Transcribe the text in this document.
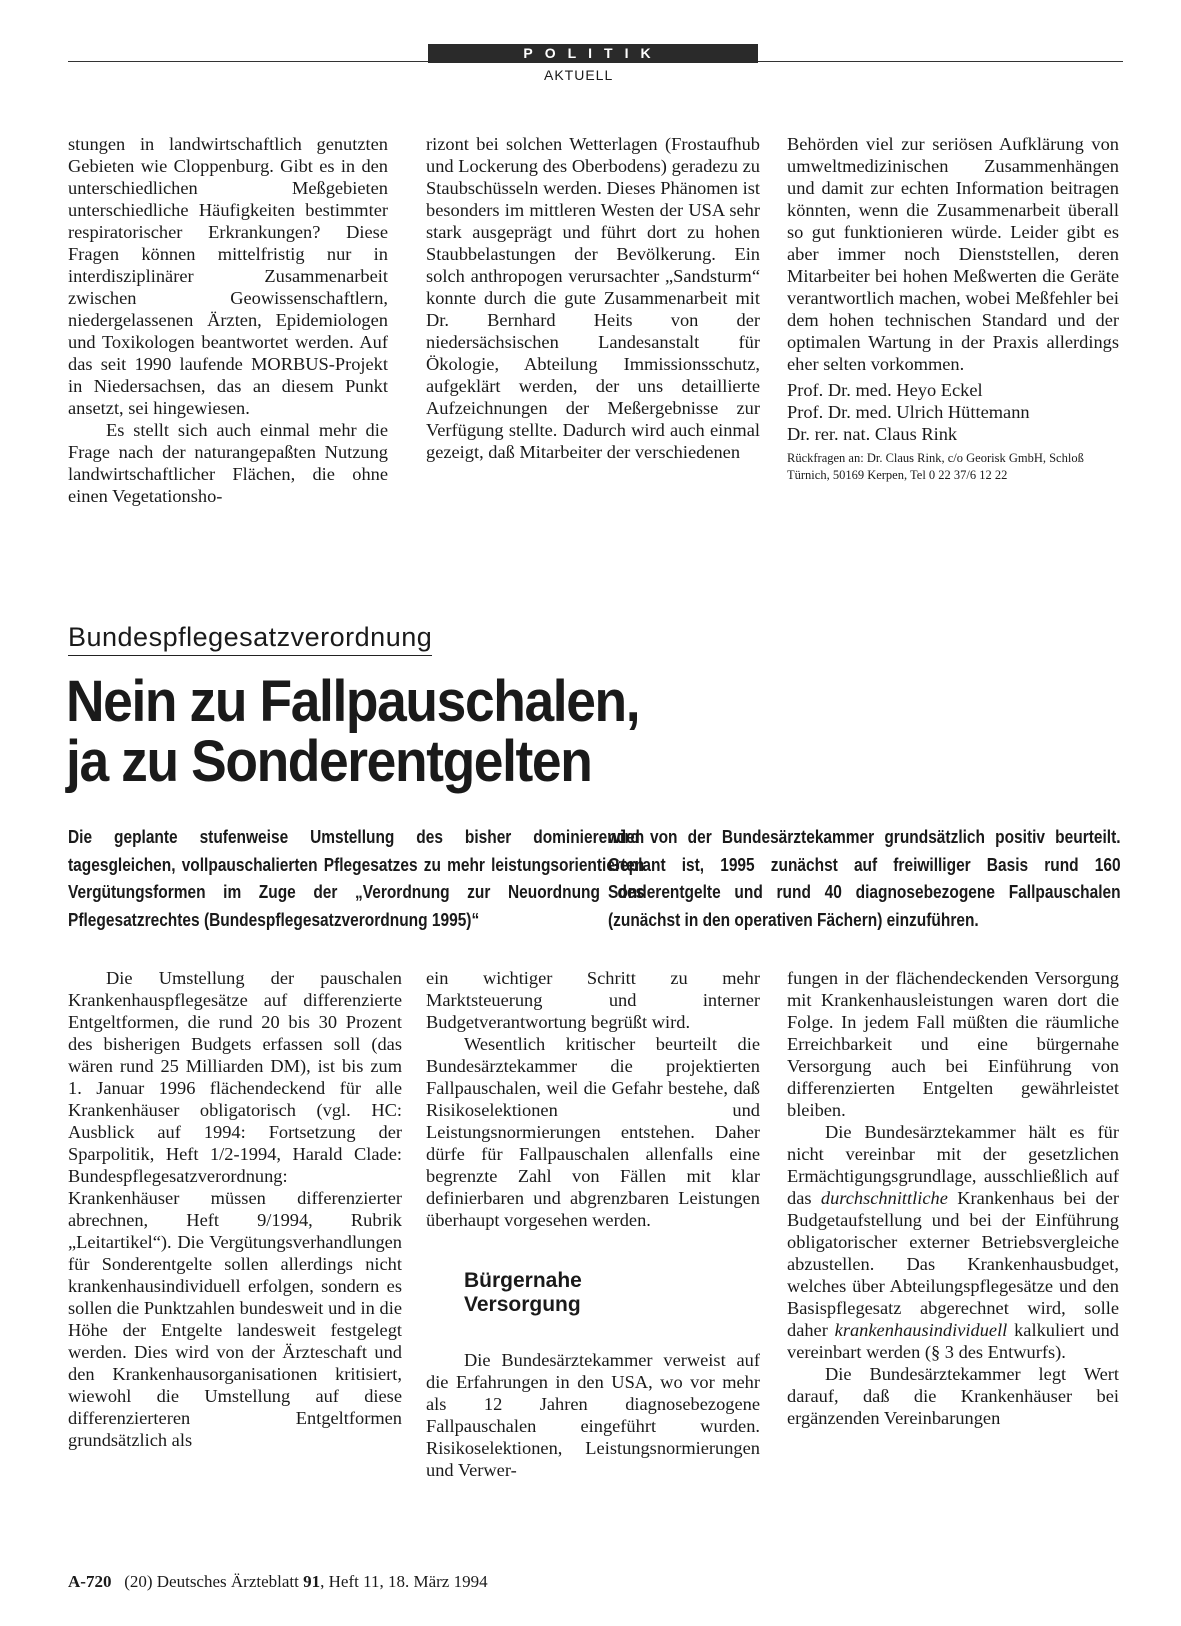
POLITIK
AKTUELL

stungen in landwirtschaftlich genutzten Gebieten wie Cloppenburg. Gibt es in den unterschiedlichen Meßgebieten unterschiedliche Häufigkeiten bestimmter respiratorischer Erkrankungen? Diese Fragen können mittelfristig nur in interdisziplinärer Zusammenarbeit zwischen Geowissenschaftlern, niedergelassenen Ärzten, Epidemiologen und Toxikologen beantwortet werden. Auf das seit 1990 laufende MORBUS-Projekt in Niedersachsen, das an diesem Punkt ansetzt, sei hingewiesen.

Es stellt sich auch einmal mehr die Frage nach der naturangepaßten Nutzung landwirtschaftlicher Flächen, die ohne einen Vegetationsho-

rizont bei solchen Wetterlagen (Frostaufhub und Lockerung des Oberbodens) geradezu zu Staubschüsseln werden. Dieses Phänomen ist besonders im mittleren Westen der USA sehr stark ausgeprägt und führt dort zu hohen Staubbelastungen der Bevölkerung. Ein solch anthropogen verursachter „Sandsturm“ konnte durch die gute Zusammenarbeit mit Dr. Bernhard Heits von der niedersächsischen Landesanstalt für Ökologie, Abteilung Immissionsschutz, aufgeklärt werden, der uns detaillierte Aufzeichnungen der Meßergebnisse zur Verfügung stellte. Dadurch wird auch einmal gezeigt, daß Mitarbeiter der verschiedenen

Behörden viel zur seriösen Aufklärung von umweltmedizinischen Zusammenhängen und damit zur echten Information beitragen könnten, wenn die Zusammenarbeit überall so gut funktionieren würde. Leider gibt es aber immer noch Dienststellen, deren Mitarbeiter bei hohen Meßwerten die Geräte verantwortlich machen, wobei Meßfehler bei dem hohen technischen Standard und der optimalen Wartung in der Praxis allerdings eher selten vorkommen.

Prof. Dr. med. Heyo Eckel

Prof. Dr. med. Ulrich Hüttemann

Dr. rer. nat. Claus Rink

Rückfragen an: Dr. Claus Rink, c/o Georisk GmbH, Schloß Türnich, 50169 Kerpen, Tel 0 22 37/6 12 22

Bundespflegesatzverordnung
Nein zu Fallpauschalen,
ja zu Sonderentgelten
Die geplante stufenweise Umstellung des bisher dominierenden tagesgleichen, vollpauschalierten Pflegesatzes zu mehr leistungsorientierten Vergütungsformen im Zuge der „Verordnung zur Neuordnung des Pflegesatzrechtes (Bundespflegesatzverordnung 1995)“
wird von der Bundesärztekammer grundsätzlich positiv beurteilt. Geplant ist, 1995 zunächst auf freiwilliger Basis rund 160 Sonderentgelte und rund 40 diagnosebezogene Fallpauschalen (zunächst in den operativen Fächern) einzuführen.

Die Umstellung der pauschalen Krankenhauspflegesätze auf differenzierte Entgeltformen, die rund 20 bis 30 Prozent des bisherigen Budgets erfassen soll (das wären rund 25 Milliarden DM), ist bis zum 1. Januar 1996 flächendeckend für alle Krankenhäuser obligatorisch (vgl. HC: Ausblick auf 1994: Fortsetzung der Sparpolitik, Heft 1/2-1994, Harald Clade: Bundespflegesatzverordnung: Krankenhäuser müssen differenzierter abrechnen, Heft 9/1994, Rubrik „Leitartikel“). Die Vergütungsverhandlungen für Sonderentgelte sollen allerdings nicht krankenhausindividuell erfolgen, sondern es sollen die Punktzahlen bundesweit und in die Höhe der Entgelte landesweit festgelegt werden. Dies wird von der Ärzteschaft und den Krankenhausorganisationen kritisiert, wiewohl die Umstellung auf diese differenzierteren Entgeltformen grundsätzlich als

ein wichtiger Schritt zu mehr Marktsteuerung und interner Budgetverantwortung begrüßt wird.

Wesentlich kritischer beurteilt die Bundesärztekammer die projektierten Fallpauschalen, weil die Gefahr bestehe, daß Risikoselektionen und Leistungsnormierungen entstehen. Daher dürfe für Fallpauschalen allenfalls eine begrenzte Zahl von Fällen mit klar definierbaren und abgrenzbaren Leistungen überhaupt vorgesehen werden.

Bürgernahe
Versorgung

Die Bundesärztekammer verweist auf die Erfahrungen in den USA, wo vor mehr als 12 Jahren diagnosebezogene Fallpauschalen eingeführt wurden. Risikoselektionen, Leistungsnormierungen und Verwer-

fungen in der flächendeckenden Versorgung mit Krankenhausleistungen waren dort die Folge. In jedem Fall müßten die räumliche Erreichbarkeit und eine bürgernahe Versorgung auch bei Einführung von differenzierten Entgelten gewährleistet bleiben.

Die Bundesärztekammer hält es für nicht vereinbar mit der gesetzlichen Ermächtigungsgrundlage, ausschließlich auf das durchschnittliche Krankenhaus bei der Budgetaufstellung und bei der Einführung obligatorischer externer Betriebsvergleiche abzustellen. Das Krankenhausbudget, welches über Abteilungspflegesätze und den Basispflegesatz abgerechnet wird, solle daher krankenhausindividuell kalkuliert und vereinbart werden (§ 3 des Entwurfs).

Die Bundesärztekammer legt Wert darauf, daß die Krankenhäuser bei ergänzenden Vereinbarungen

A-720 (20) Deutsches Ärzteblatt 91, Heft 11, 18. März 1994
